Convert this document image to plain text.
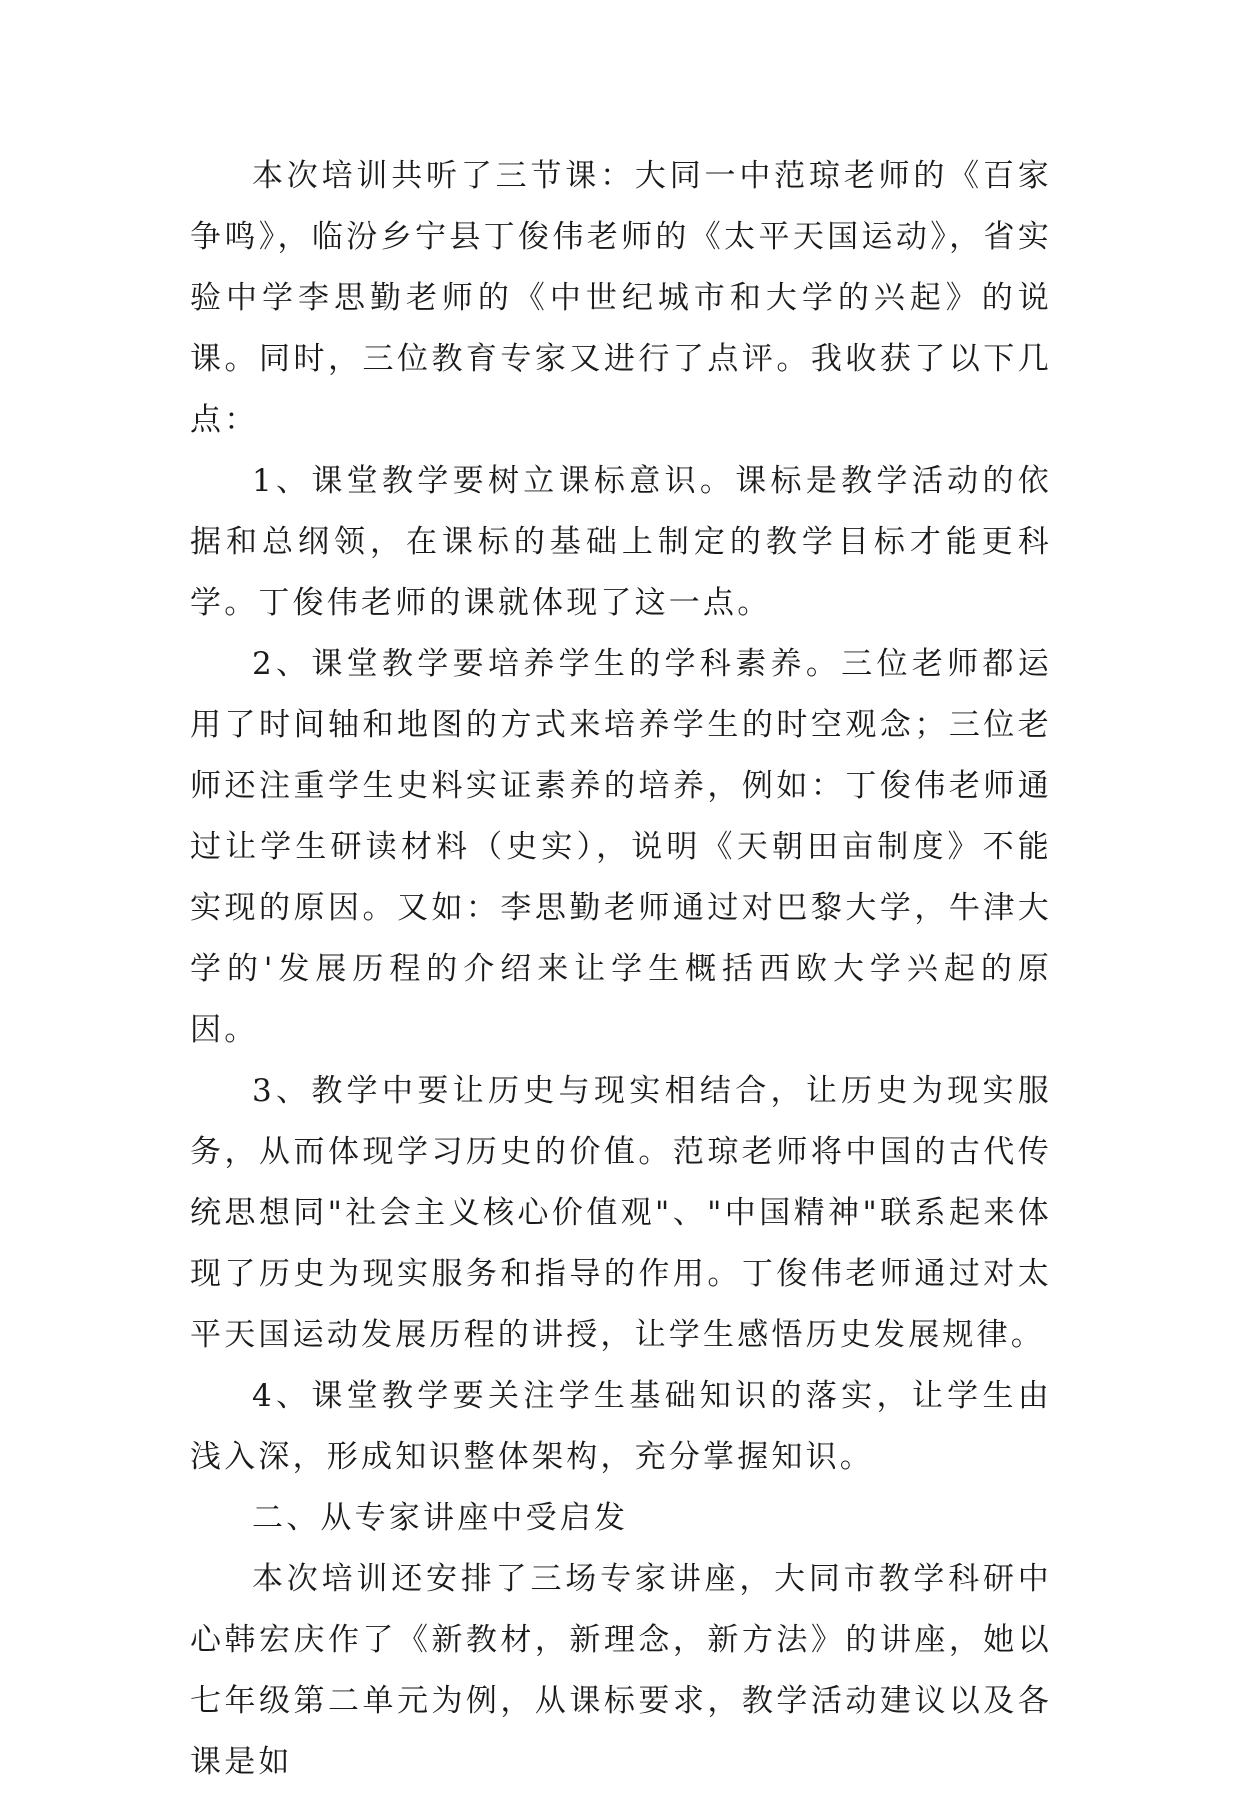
本次培训共听了三节课：大同一中范琼老师的《百家争鸣》，临汾乡宁县丁俊伟老师的《太平天国运动》，省实验中学李思勤老师的《中世纪城市和大学的兴起》的说课。同时，三位教育专家又进行了点评。我收获了以下几点：

1、课堂教学要树立课标意识。课标是教学活动的依据和总纲领，在课标的基础上制定的教学目标才能更科学。丁俊伟老师的课就体现了这一点。

2、课堂教学要培养学生的学科素养。三位老师都运用了时间轴和地图的方式来培养学生的时空观念；三位老师还注重学生史料实证素养的培养，例如：丁俊伟老师通过让学生研读材料（史实），说明《天朝田亩制度》不能实现的原因。又如：李思勤老师通过对巴黎大学，牛津大学的'发展历程的介绍来让学生概括西欧大学兴起的原因。

3、教学中要让历史与现实相结合，让历史为现实服务，从而体现学习历史的价值。范琼老师将中国的古代传统思想同"社会主义核心价值观"、"中国精神"联系起来体现了历史为现实服务和指导的作用。丁俊伟老师通过对太平天国运动发展历程的讲授，让学生感悟历史发展规律。

4、课堂教学要关注学生基础知识的落实，让学生由浅入深，形成知识整体架构，充分掌握知识。

二、从专家讲座中受启发

本次培训还安排了三场专家讲座，大同市教学科研中心韩宏庆作了《新教材，新理念，新方法》的讲座，她以七年级第二单元为例，从课标要求，教学活动建议以及各课是如
